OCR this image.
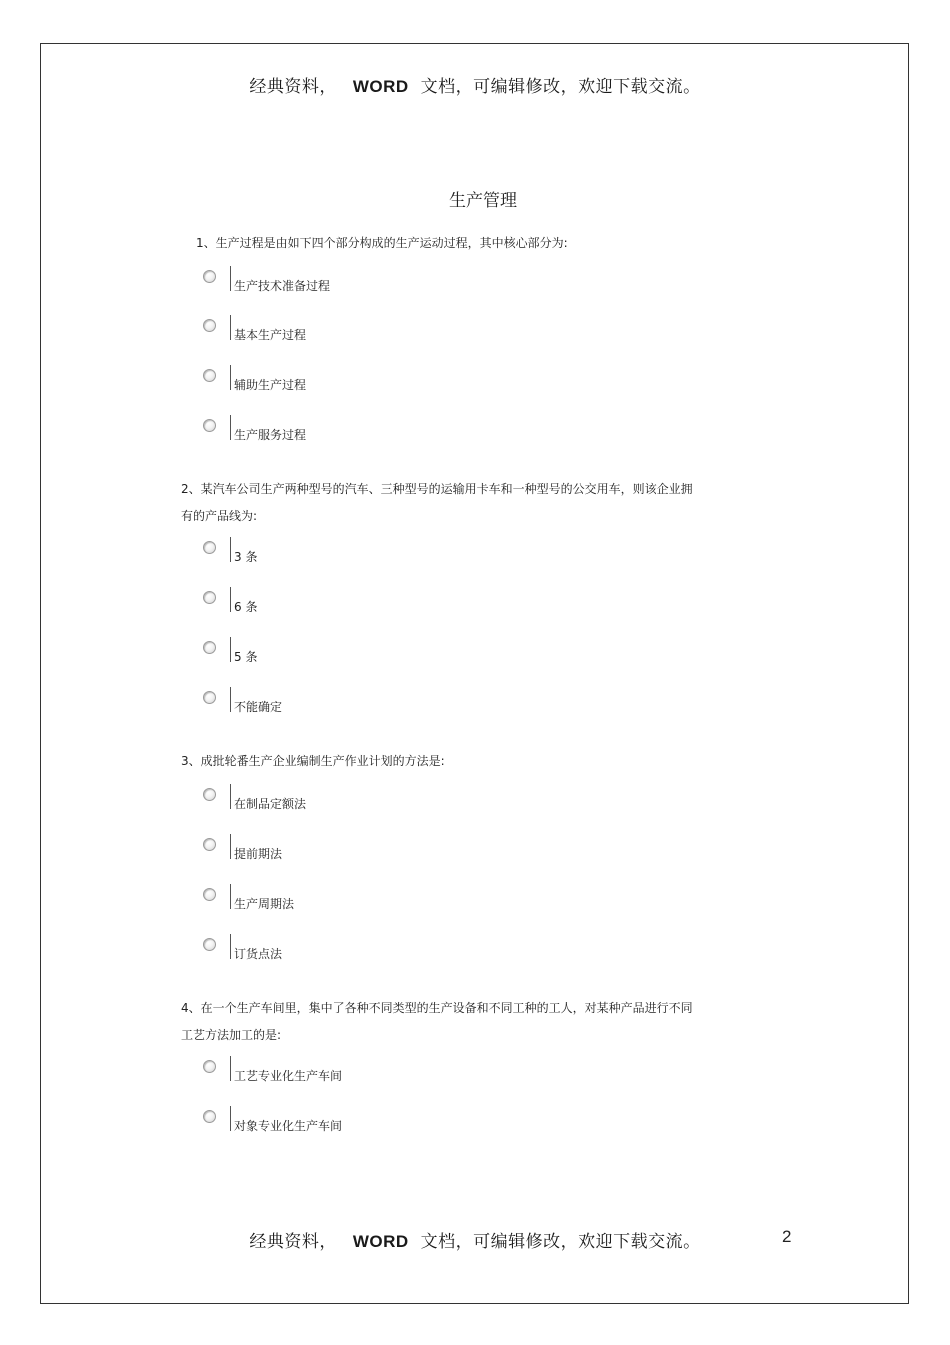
经典资料， WORD 文档，可编辑修改，欢迎下载交流。
生产管理
1、生产过程是由如下四个部分构成的生产运动过程，其中核心部分为:
生产技术准备过程
基本生产过程
辅助生产过程
生产服务过程
2、某汽车公司生产两种型号的汽车、三种型号的运输用卡车和一种型号的公交用车，则该企业拥
有的产品线为:
3 条
6 条
5 条
不能确定
3、成批轮番生产企业编制生产作业计划的方法是:
在制品定额法
提前期法
生产周期法
订货点法
4、在一个生产车间里，集中了各种不同类型的生产设备和不同工种的工人，对某种产品进行不同
工艺方法加工的是:
工艺专业化生产车间
对象专业化生产车间
经典资料， WORD 文档，可编辑修改，欢迎下载交流。	2
